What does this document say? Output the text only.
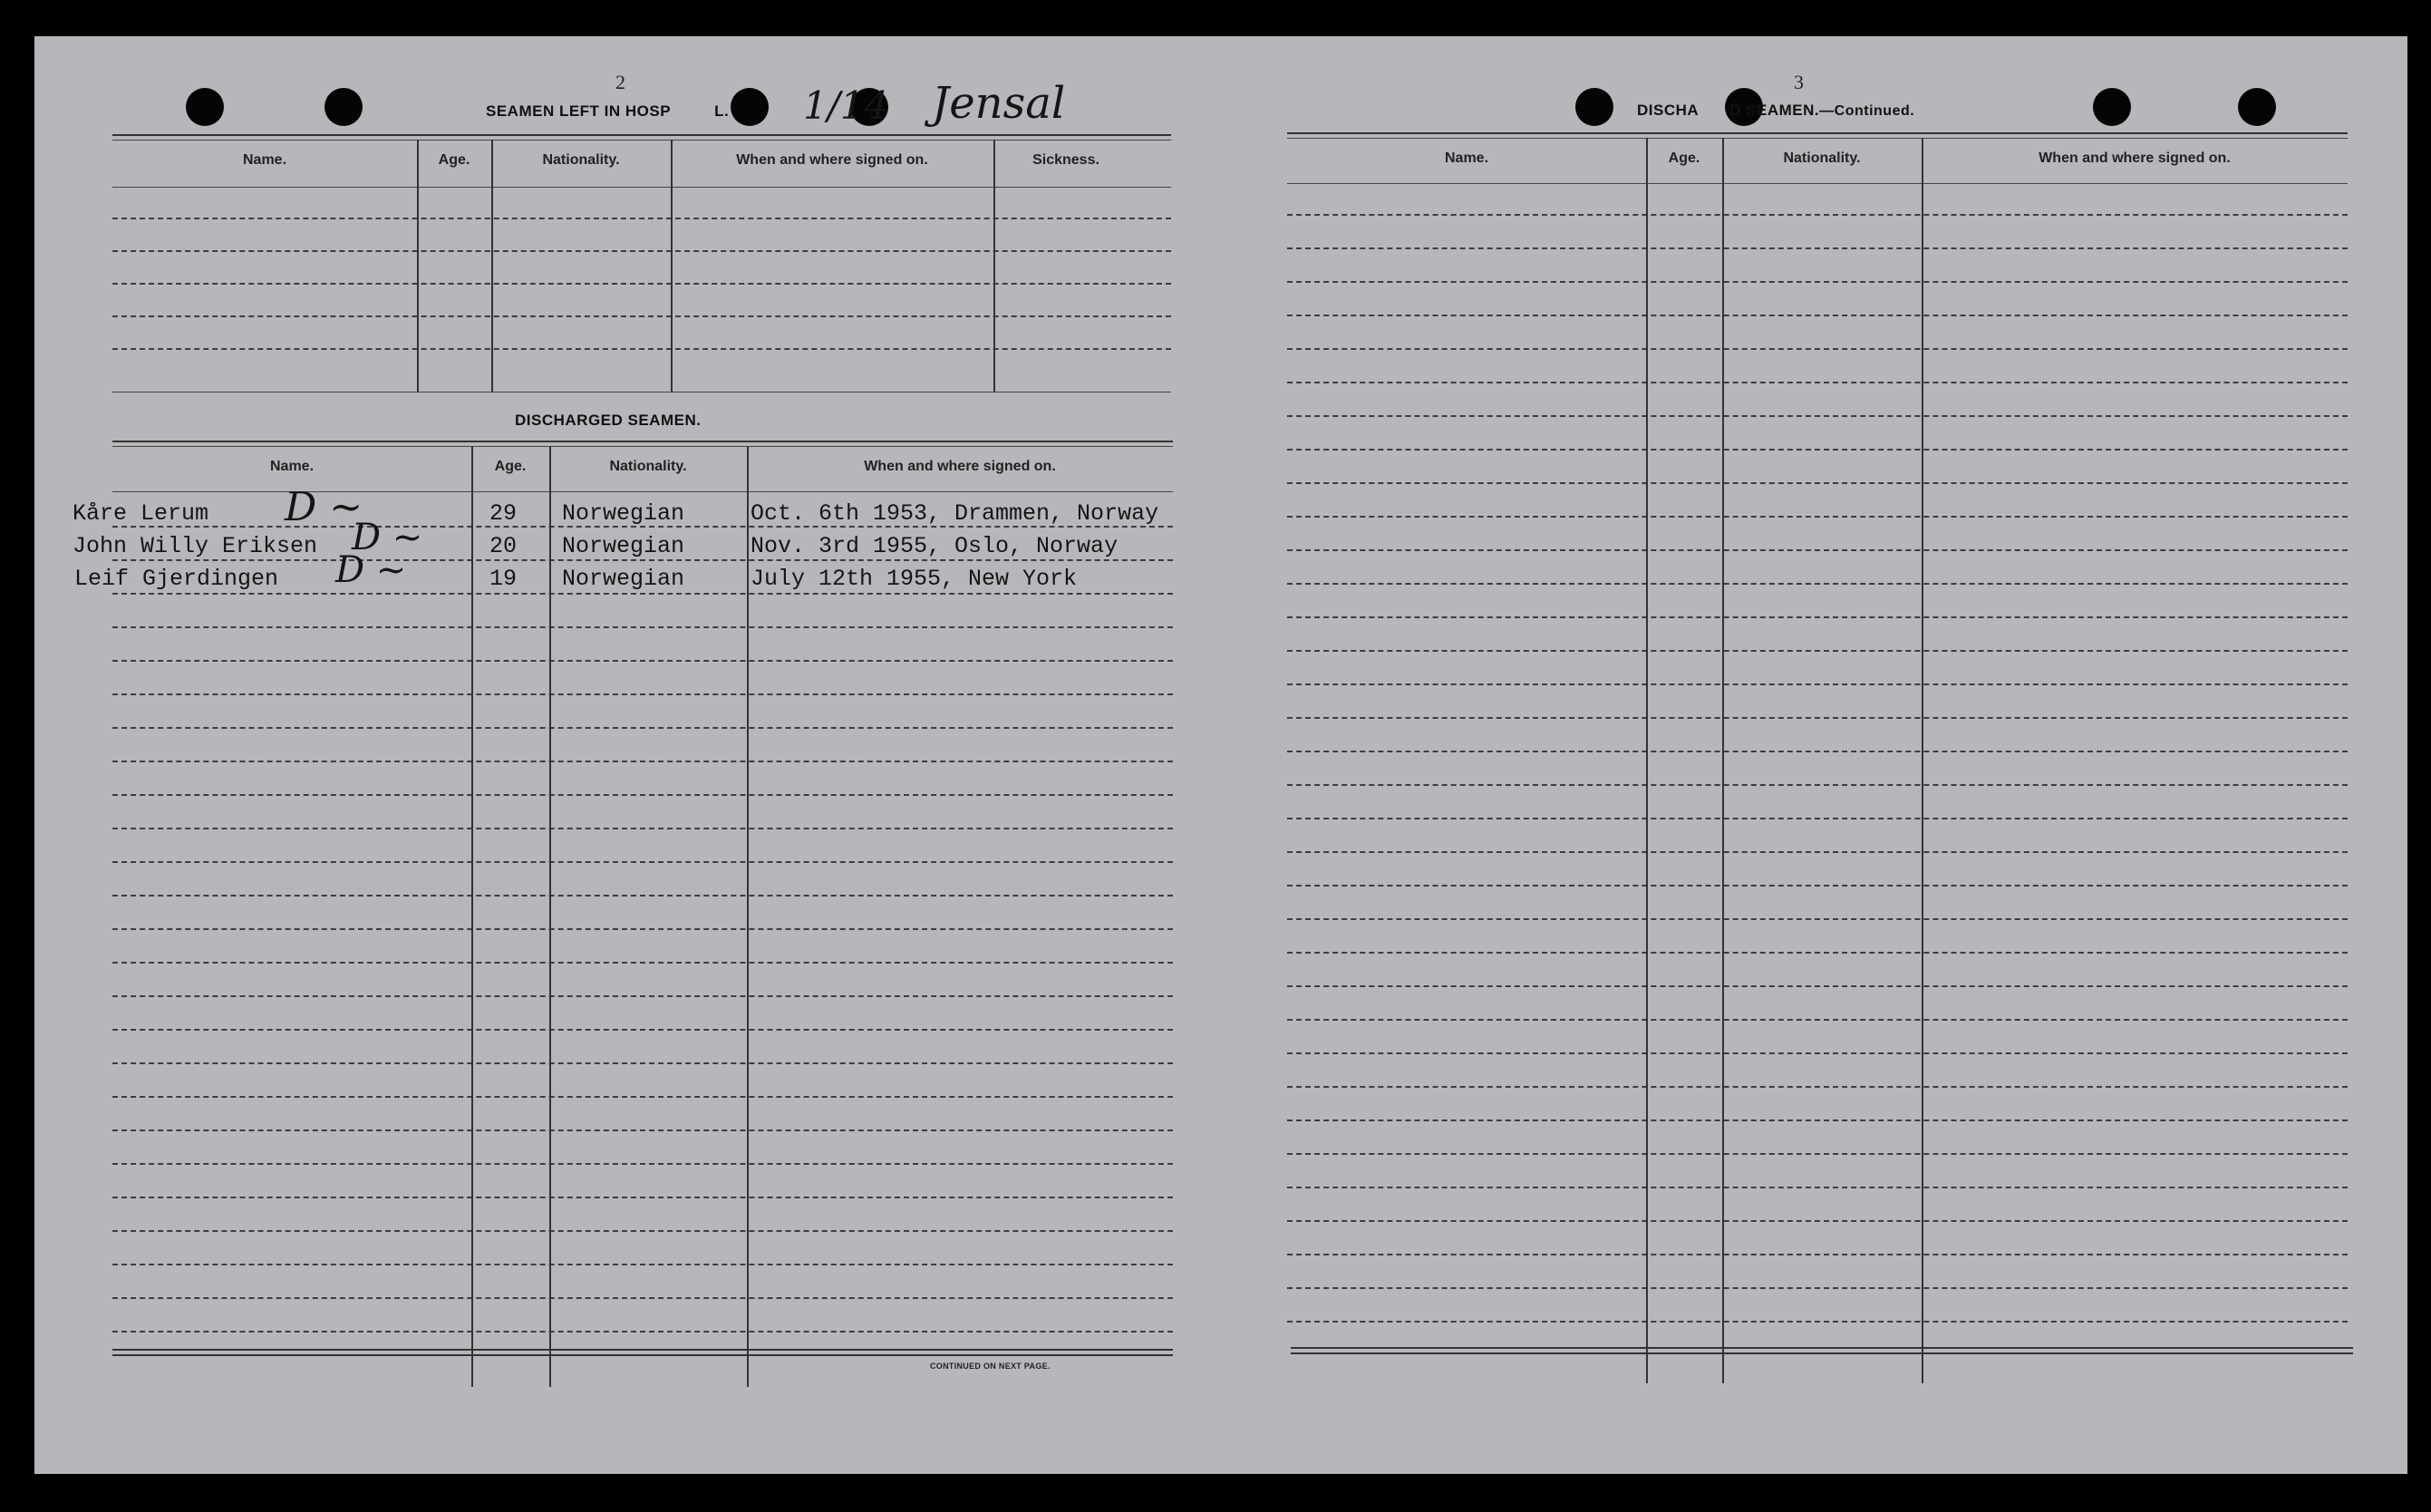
2
SEAMEN LEFT IN HOSP	L. 1/14 Jensal
Name.	Age.	Nationality.	When and where signed on.	Sickness.
DISCHARGED SEAMEN.
Name.	Age.	Nationality.	When and where signed on.
Kåre Lerum D ~	29 Norwegian	Oct. 6th 1953, Drammen, Norway
John Willy Eriksen D ~	20 Norwegian	Nov. 3rd 1955, Oslo, Norway
Leif Gjerdingen D ~	19 Norwegian	July 12th 1955, New York
CONTINUED ON NEXT PAGE.
3
DISCHA D SEAMEN.—Continued.
Name.	Age.	Nationality.	When and where signed on.
